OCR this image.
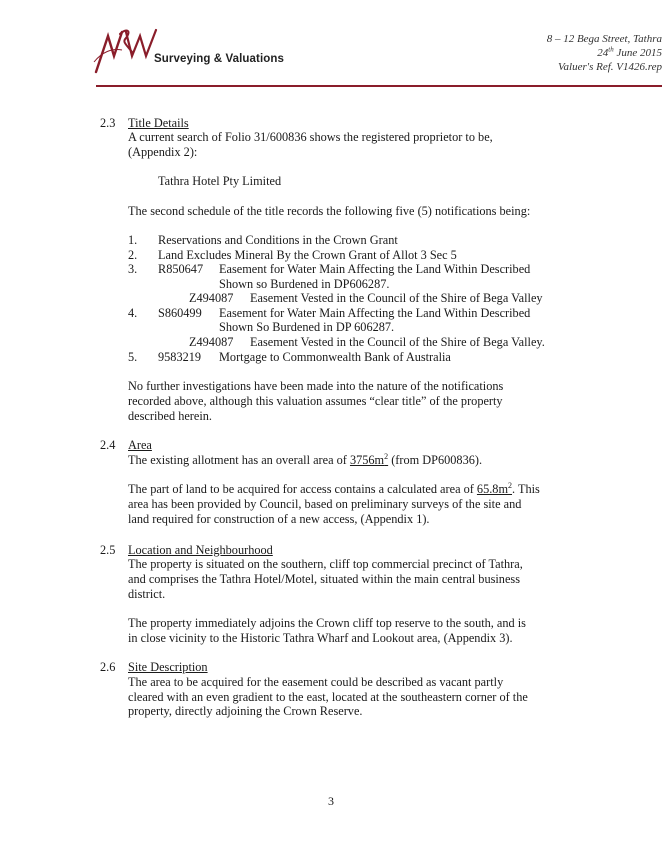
Surveying & Valuations
8 – 12 Bega Street, Tathra
24th June 2015
Valuer's Ref. V1426.rep
2.3 Title Details
A current search of Folio 31/600836 shows the registered proprietor to be,
(Appendix 2):
Tathra Hotel Pty Limited
The second schedule of the title records the following five (5) notifications being:
1. Reservations and Conditions in the Crown Grant
2. Land Excludes Mineral By the Crown Grant of Allot 3 Sec 5
3. R850647 Easement for Water Main Affecting the Land Within Described
Shown so Burdened in DP606287.
Z494087 Easement Vested in the Council of the Shire of Bega Valley
4. S860499 Easement for Water Main Affecting the Land Within Described
Shown So Burdened in DP 606287.
Z494087 Easement Vested in the Council of the Shire of Bega Valley.
5. 9583219 Mortgage to Commonwealth Bank of Australia
No further investigations have been made into the nature of the notifications
recorded above, although this valuation assumes “clear title” of the property
described herein.
2.4 Area
The existing allotment has an overall area of $3756m^2$ (from DP600836).
The part of land to be acquired for access contains a calculated area of $65.8m^2$. This
area has been provided by Council, based on preliminary surveys of the site and
land required for construction of a new access, (Appendix 1).
2.5 Location and Neighbourhood
The property is situated on the southern, cliff top commercial precinct of Tathra,
and comprises the Tathra Hotel/Motel, situated within the main central business
district.
The property immediately adjoins the Crown cliff top reserve to the south, and is
in close vicinity to the Historic Tathra Wharf and Lookout area, (Appendix 3).
2.6 Site Description
The area to be acquired for the easement could be described as vacant partly
cleared with an even gradient to the east, located at the southeastern corner of the
property, directly adjoining the Crown Reserve.
3
